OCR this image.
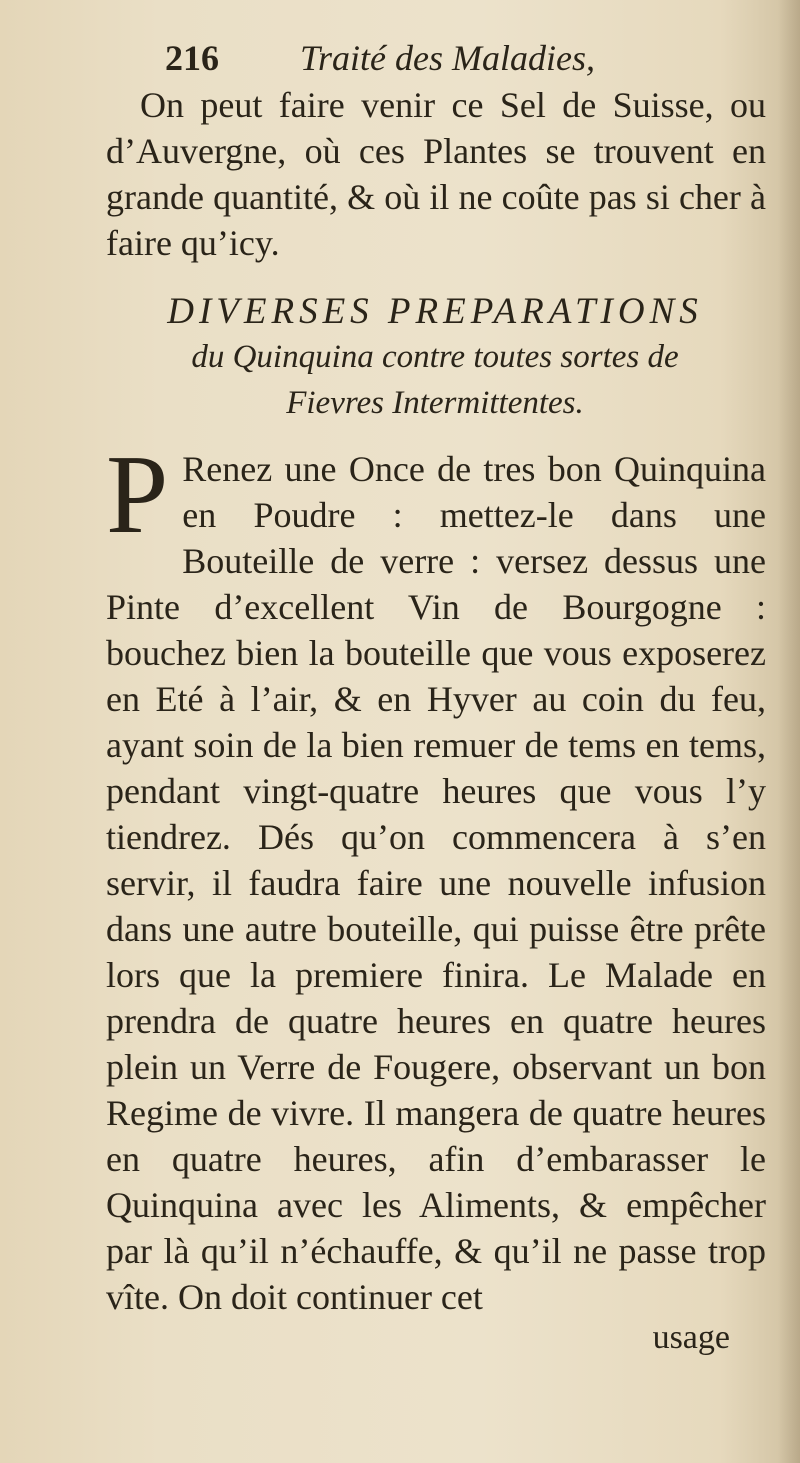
216 Traité des Maladies,
On peut faire venir ce Sel de Suisse, ou d’Auvergne, où ces Plantes se trouvent en grande quantité, & où il ne coûte pas si cher à faire qu’icy.
DIVERSES PREPARATIONS
du Quinquina contre toutes sortes de
Fievres Intermittentes.
P Renez une Once de tres bon Quinquina en Poudre : mettez-le dans une Bouteille de verre : versez dessus une Pinte d’excellent Vin de Bourgogne : bouchez bien la bouteille que vous exposerez en Eté à l’air, & en Hyver au coin du feu, ayant soin de la bien remuer de tems en tems, pendant vingt-quatre heures que vous l’y tiendrez. Dés qu’on commencera à s’en servir, il faudra faire une nouvelle infusion dans une autre bouteille, qui puisse être prête lors que la premiere finira. Le Malade en prendra de quatre heures en quatre heures plein un Verre de Fougere, observant un bon Regime de vivre. Il mangera de quatre heures en quatre heures, afin d’embarasser le Quinquina avec les Aliments, & empêcher par là qu’il n’échauffe, & qu’il ne passe trop vîte. On doit continuer cet
usage
